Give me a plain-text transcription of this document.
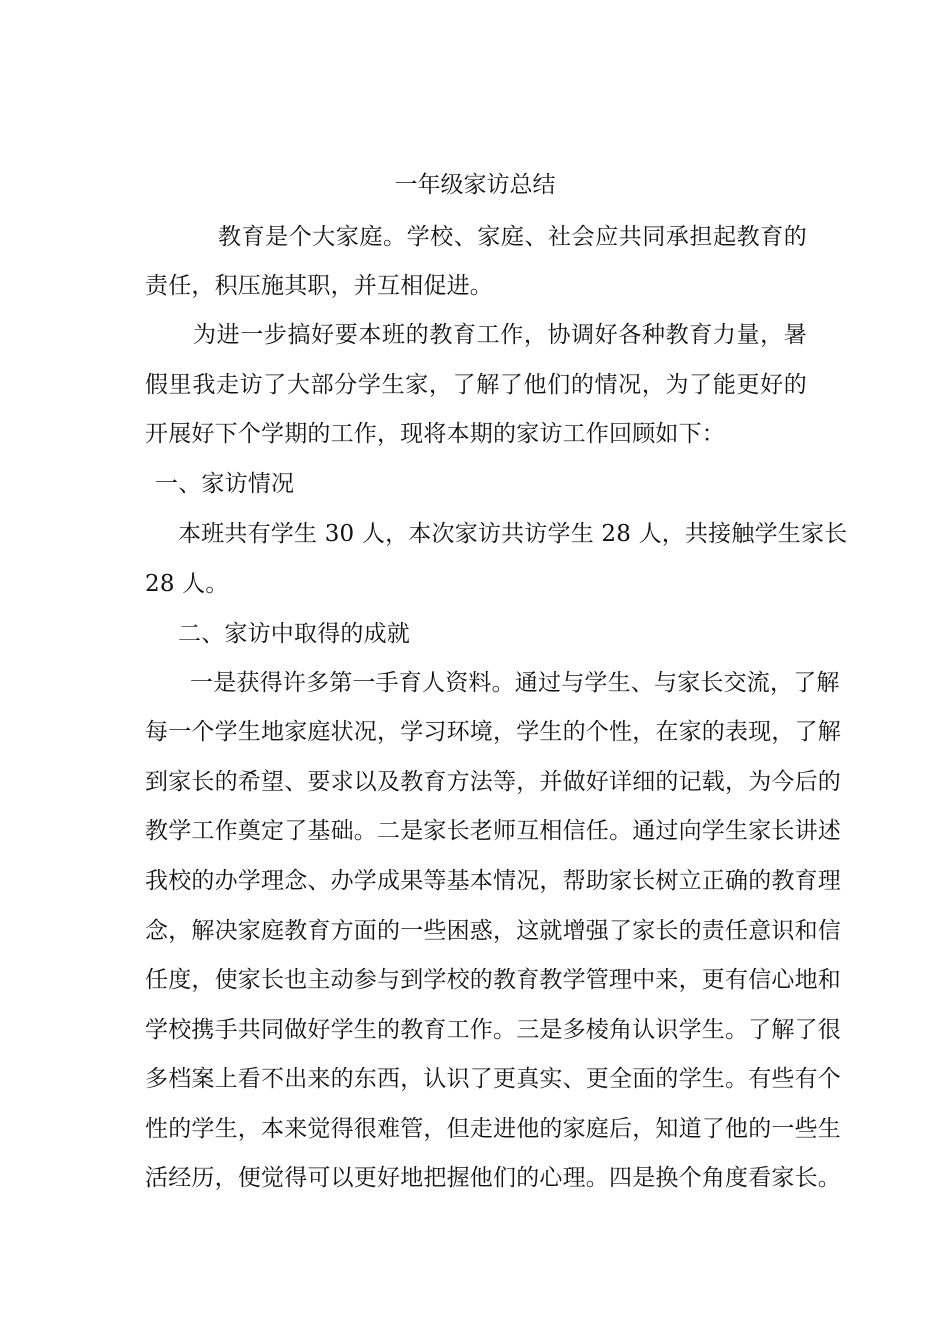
一年级家访总结
教育是个大家庭。学校、家庭、社会应共同承担起教育的
责任，积压施其职，并互相促进。
为进一步搞好要本班的教育工作，协调好各种教育力量，暑
假里我走访了大部分学生家，了解了他们的情况，为了能更好的
开展好下个学期的工作，现将本期的家访工作回顾如下：
一、家访情况
本班共有学生 30 人，本次家访共访学生 28 人，共接触学生家长
28 人。
二、家访中取得的成就
一是获得许多第一手育人资料。通过与学生、与家长交流，了解
每一个学生地家庭状况，学习环境，学生的个性，在家的表现，了解
到家长的希望、要求以及教育方法等，并做好详细的记载，为今后的
教学工作奠定了基础。二是家长老师互相信任。通过向学生家长讲述
我校的办学理念、办学成果等基本情况，帮助家长树立正确的教育理
念，解决家庭教育方面的一些困惑，这就增强了家长的责任意识和信
任度，使家长也主动参与到学校的教育教学管理中来，更有信心地和
学校携手共同做好学生的教育工作。三是多棱角认识学生。了解了很
多档案上看不出来的东西，认识了更真实、更全面的学生。有些有个
性的学生，本来觉得很难管，但走进他的家庭后，知道了他的一些生
活经历，便觉得可以更好地把握他们的心理。四是换个角度看家长。
